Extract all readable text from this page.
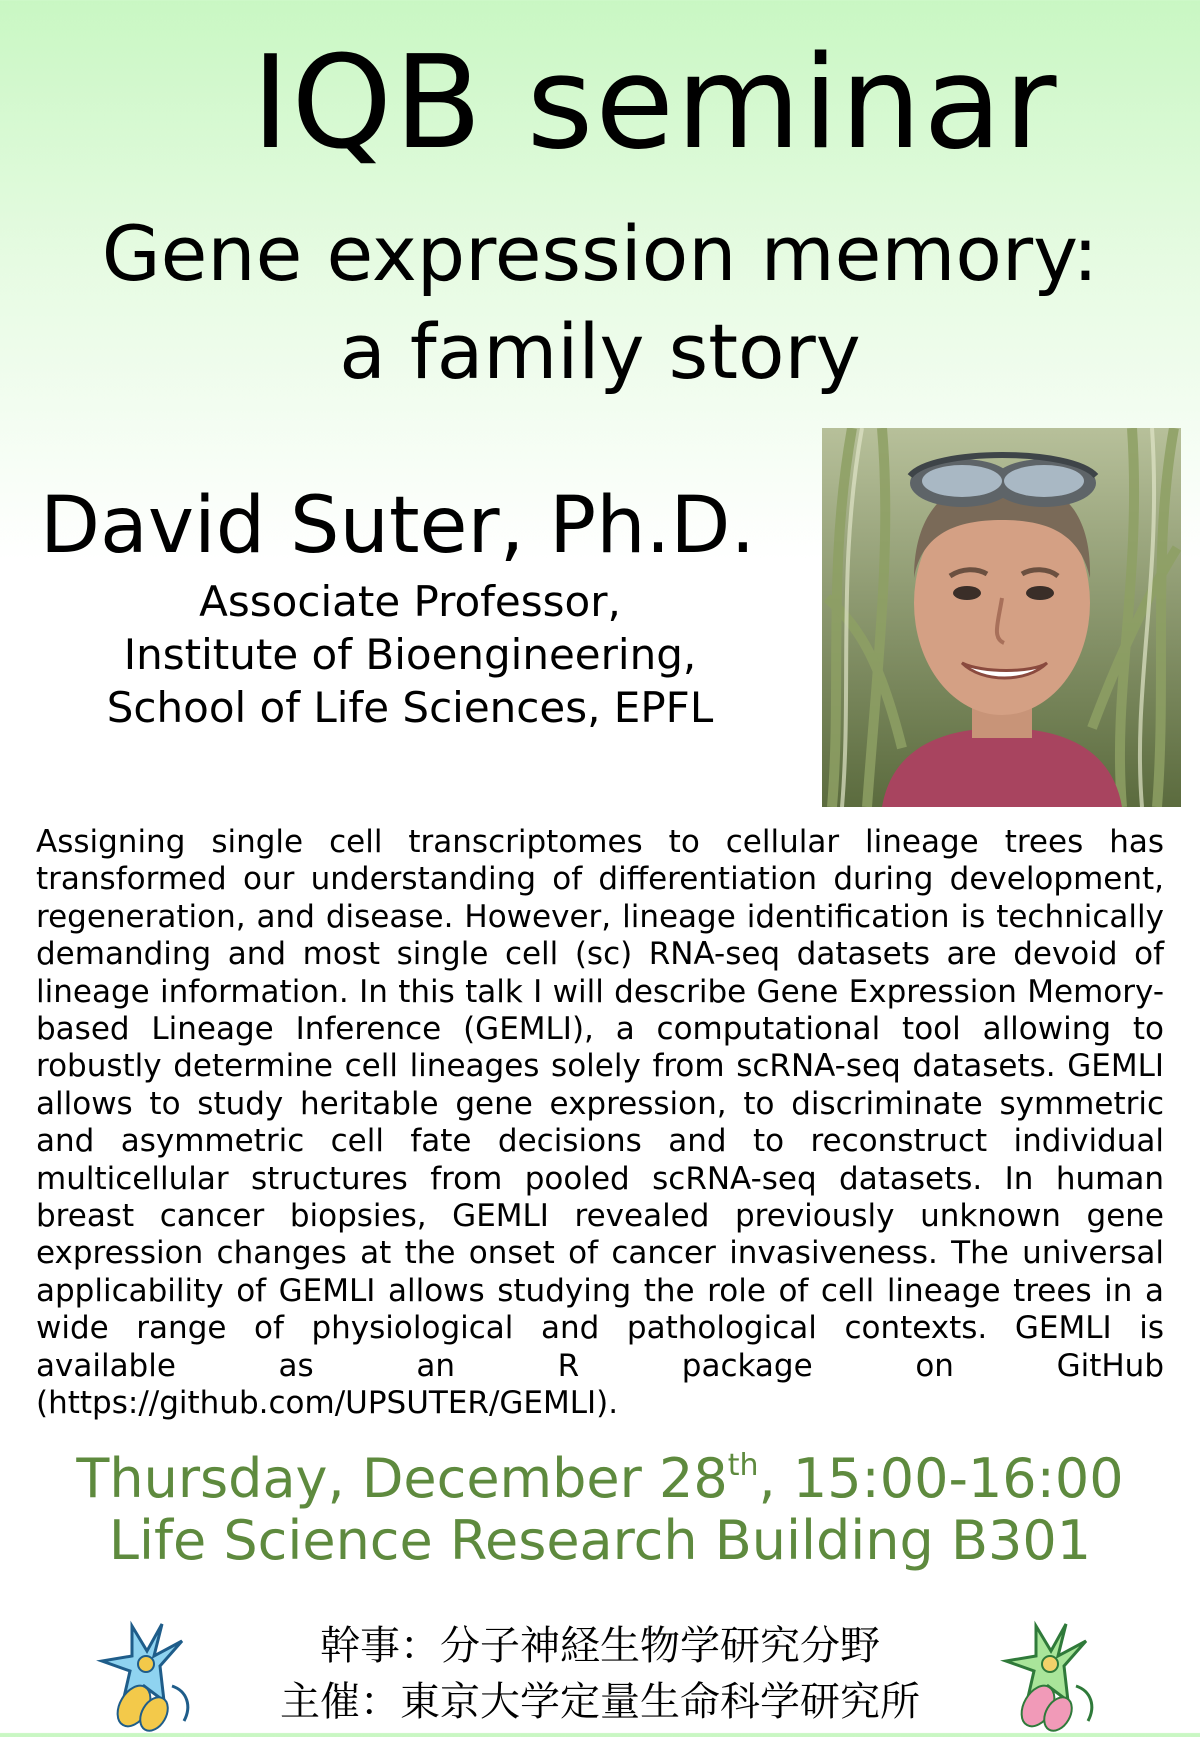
IQB seminar
Gene expression memory:
a family story
David Suter, Ph.D.
Associate Professor,
Institute of Bioengineering,
School of Life Sciences, EPFL

Assigning single cell transcriptomes to cellular lineage trees has transformed our understanding of differentiation during development, regeneration, and disease. However, lineage identification is technically demanding and most single cell (sc) RNA-seq datasets are devoid of lineage information. In this talk I will describe Gene Expression Memory-based Lineage Inference (GEMLI), a computational tool allowing to robustly determine cell lineages solely from scRNA-seq datasets. GEMLI allows to study heritable gene expression, to discriminate symmetric and asymmetric cell fate decisions and to reconstruct individual multicellular structures from pooled scRNA-seq datasets. In human breast cancer biopsies, GEMLI revealed previously unknown gene expression changes at the onset of cancer invasiveness. The universal applicability of GEMLI allows studying the role of cell lineage trees in a wide range of physiological and pathological contexts. GEMLI is available as an R package on GitHub (https://github.com/UPSUTER/GEMLI).

Thursday, December 28th, 15:00-16:00
Life Science Research Building B301
幹事：分子神経生物学研究分野
主催：東京大学定量生命科学研究所
